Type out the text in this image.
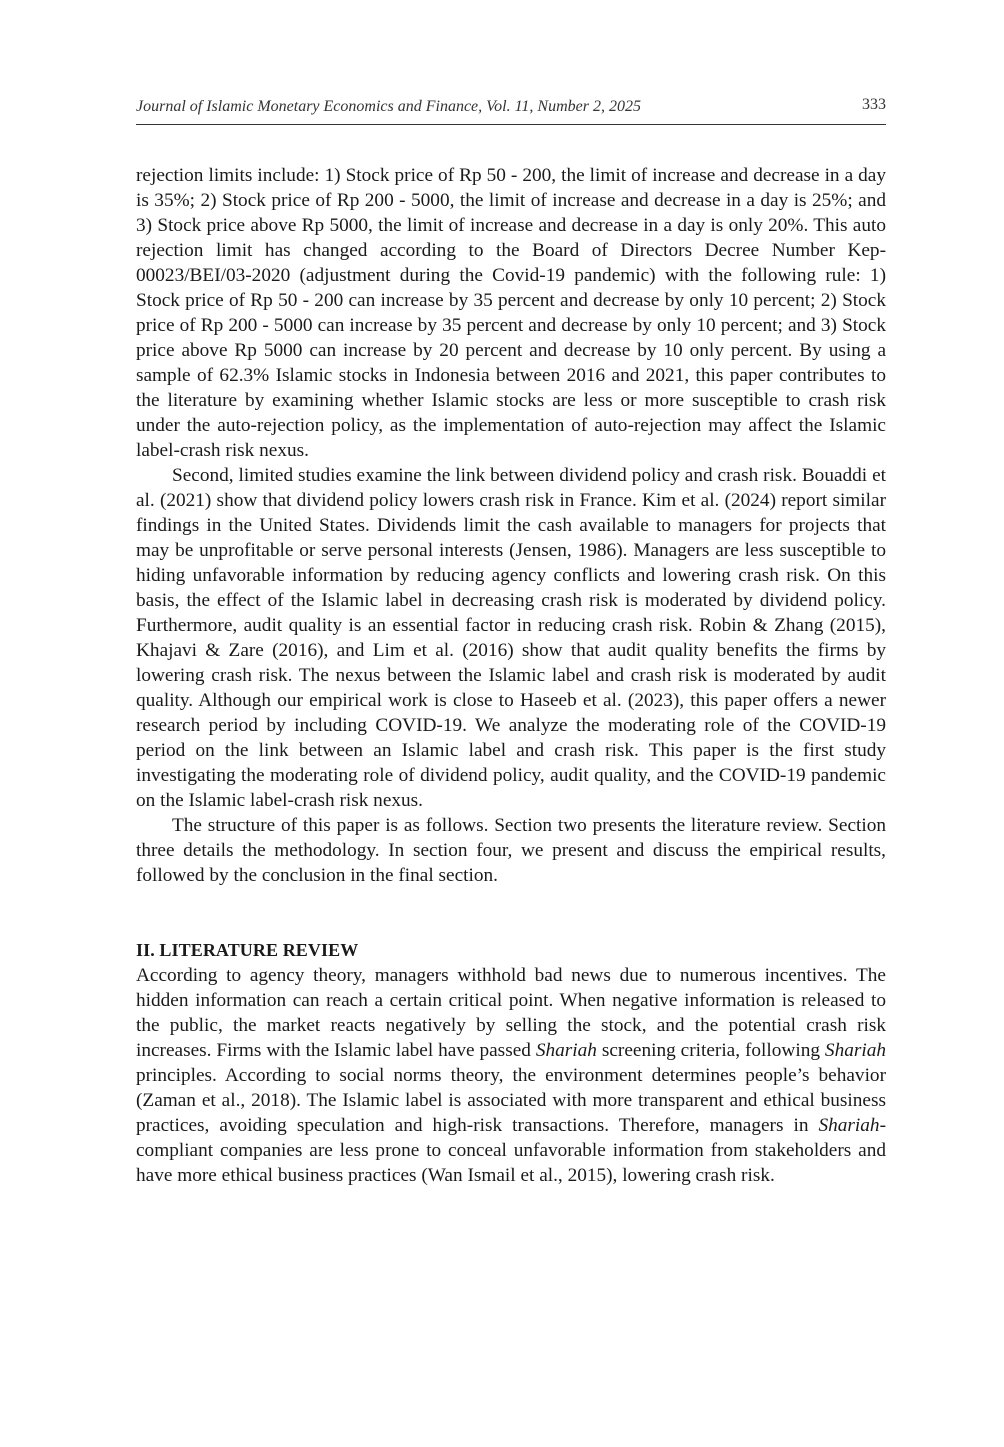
Journal of Islamic Monetary Economics and Finance, Vol. 11, Number 2, 2025	333

rejection limits include: 1) Stock price of Rp 50 - 200, the limit of increase and decrease in a day is 35%; 2) Stock price of Rp 200 - 5000, the limit of increase and decrease in a day is 25%; and 3) Stock price above Rp 5000, the limit of increase and decrease in a day is only 20%. This auto rejection limit has changed according to the Board of Directors Decree Number Kep-00023/BEI/03-2020 (adjustment during the Covid-19 pandemic) with the following rule: 1) Stock price of Rp 50 - 200 can increase by 35 percent and decrease by only 10 percent; 2) Stock price of Rp 200 - 5000 can increase by 35 percent and decrease by only 10 percent; and 3) Stock price above Rp 5000 can increase by 20 percent and decrease by 10 only percent. By using a sample of 62.3% Islamic stocks in Indonesia between 2016 and 2021, this paper contributes to the literature by examining whether Islamic stocks are less or more susceptible to crash risk under the auto-rejection policy, as the implementation of auto-rejection may affect the Islamic label-crash risk nexus.

Second, limited studies examine the link between dividend policy and crash risk. Bouaddi et al. (2021) show that dividend policy lowers crash risk in France. Kim et al. (2024) report similar findings in the United States. Dividends limit the cash available to managers for projects that may be unprofitable or serve personal interests (Jensen, 1986). Managers are less susceptible to hiding unfavorable information by reducing agency conflicts and lowering crash risk. On this basis, the effect of the Islamic label in decreasing crash risk is moderated by dividend policy. Furthermore, audit quality is an essential factor in reducing crash risk. Robin & Zhang (2015), Khajavi & Zare (2016), and Lim et al. (2016) show that audit quality benefits the firms by lowering crash risk. The nexus between the Islamic label and crash risk is moderated by audit quality. Although our empirical work is close to Haseeb et al. (2023), this paper offers a newer research period by including COVID-19. We analyze the moderating role of the COVID-19 period on the link between an Islamic label and crash risk. This paper is the first study investigating the moderating role of dividend policy, audit quality, and the COVID-19 pandemic on the Islamic label-crash risk nexus.

The structure of this paper is as follows. Section two presents the literature review. Section three details the methodology. In section four, we present and discuss the empirical results, followed by the conclusion in the final section.

II. LITERATURE REVIEW

According to agency theory, managers withhold bad news due to numerous incentives. The hidden information can reach a certain critical point. When negative information is released to the public, the market reacts negatively by selling the stock, and the potential crash risk increases. Firms with the Islamic label have passed Shariah screening criteria, following Shariah principles. According to social norms theory, the environment determines people’s behavior (Zaman et al., 2018). The Islamic label is associated with more transparent and ethical business practices, avoiding speculation and high-risk transactions. Therefore, managers in Shariah-compliant companies are less prone to conceal unfavorable information from stakeholders and have more ethical business practices (Wan Ismail et al., 2015), lowering crash risk.
